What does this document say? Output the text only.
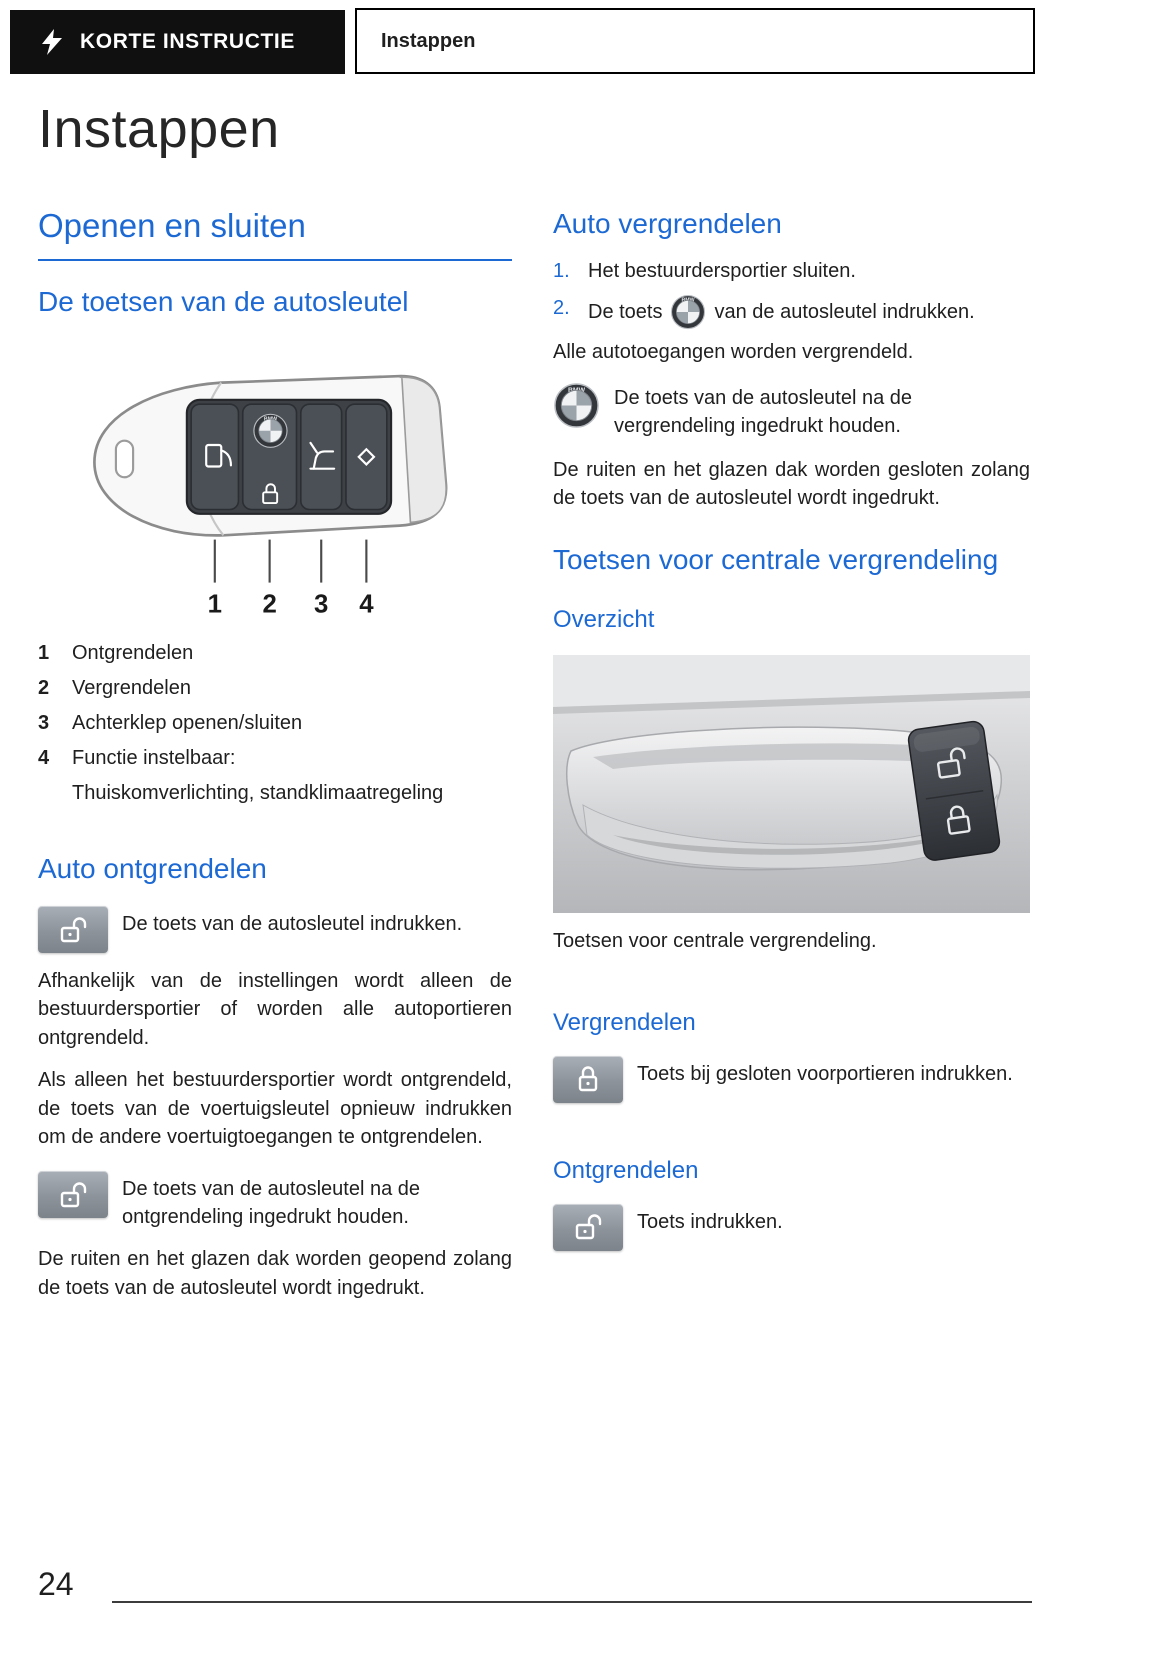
KORTE INSTRUCTIE	Instappen
Instappen
Openen en sluiten
De toetsen van de autosleutel
1 2 3 4
1	Ontgrendelen
2	Vergrendelen
3	Achterklep openen/sluiten
4	Functie instelbaar:
Thuiskomverlichting, standklimaatregeling
Auto ontgrendelen

De toets van de autosleutel indrukken.

Afhankelijk van de instellingen wordt alleen de bestuurdersportier of worden alle autoportieren ontgrendeld.

Als alleen het bestuurdersportier wordt ontgrendeld, de toets van de voertuigsleutel opnieuw indrukken om de andere voertuigtoegangen te ontgrendelen.

De toets van de autosleutel na de ontgrendeling ingedrukt houden.

De ruiten en het glazen dak worden geopend zolang de toets van de autosleutel wordt ingedrukt.

Auto vergrendelen
1. Het bestuurdersportier sluiten.
2. De toets	van de autosleutel indrukken.

Alle autotoegangen worden vergrendeld.

De toets van de autosleutel na de vergrendeling ingedrukt houden.

De ruiten en het glazen dak worden gesloten zolang de toets van de autosleutel wordt ingedrukt.

Toetsen voor centrale vergrendeling
Overzicht

Toetsen voor centrale vergrendeling.

Vergrendelen

Toets bij gesloten voorportieren indrukken.

Ontgrendelen

Toets indrukken.

24
